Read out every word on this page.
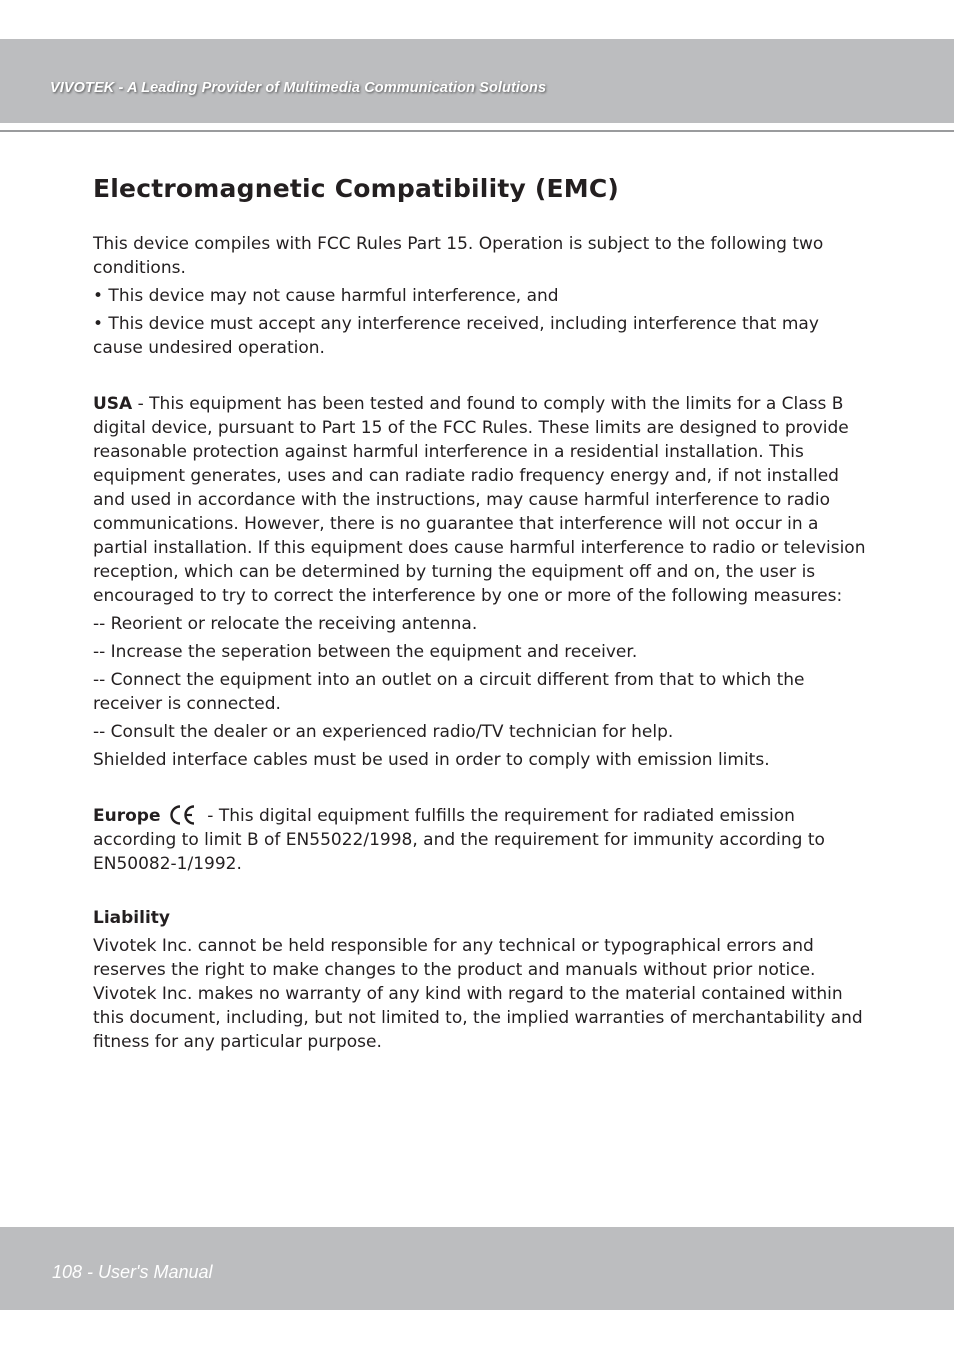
VIVOTEK - A Leading Provider of Multimedia Communication Solutions
Electromagnetic Compatibility (EMC)

This device compiles with FCC Rules Part 15. Operation is subject to the following two conditions.

• This device may not cause harmful interference, and

• This device must accept any interference received, including interference that may cause undesired operation.

USA - This equipment has been tested and found to comply with the limits for a Class B digital device, pursuant to Part 15 of the FCC Rules. These limits are designed to provide reasonable protection against harmful interference in a residential installation. This equipment generates, uses and can radiate radio frequency energy and, if not installed and used in accordance with the instructions, may cause harmful interference to radio communications. However, there is no guarantee that interference will not occur in a partial installation. If this equipment does cause harmful interference to radio or television reception, which can be determined by turning the equipment off and on, the user is encouraged to try to correct the interference by one or more of the following measures:

-- Reorient or relocate the receiving antenna.

-- Increase the seperation between the equipment and receiver.

-- Connect the equipment into an outlet on a circuit different from that to which the receiver is connected.

-- Consult the dealer or an experienced radio/TV technician for help.

Shielded interface cables must be used in order to comply with emission limits.

Europe  - This digital equipment fulfills the requirement for radiated emission according to limit B of EN55022/1998, and the requirement for immunity according to EN50082-1/1992.

Liability

Vivotek Inc. cannot be held responsible for any technical or typographical errors and reserves the right to make changes to the product and manuals without prior notice. Vivotek Inc. makes no warranty of any kind with regard to the material contained within this document, including, but not limited to, the implied warranties of merchantability and fitness for any particular purpose.

108 - User's Manual
